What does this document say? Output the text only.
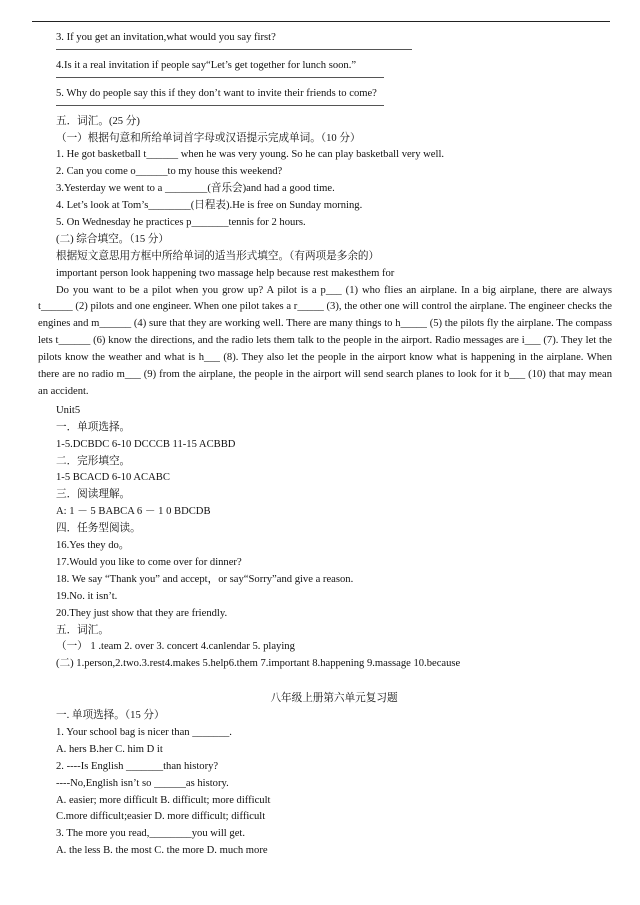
3. If you get an invitation,what would you say first?
4.Is it a real invitation if people say“Let’s get together for lunch soon.”
5. Why do people say this if they don’t want to invite their friends to come?
五．词汇。(25 分)
（一）根据句意和所给单词首字母或汉语提示完成单词。（10 分）
1. He got basketball t______ when he was very young. So he can play basketball very well.
2. Can you come o______to my house this weekend?
3.Yesterday we went to a ________(音乐会)and had a good time.
4. Let’s look at Tom’s________(日程表).He is free on Sunday morning.
5. On Wednesday he practices p_______tennis for 2 hours.
(二) 综合填空。（15 分）
根据短文意思用方框中所给单词的适当形式填空。（有两项是多余的）
important person look happening two massage help because rest makesthem for
Do you want to be a pilot when you grow up? A pilot is a p___ (1) who flies an airplane. In a big airplane, there are always t______ (2) pilots and one engineer. When one pilot takes a r_____ (3), the other one will control the airplane. The engineer checks the engines and m______ (4) sure that they are working well. There are many things to h_____ (5) the pilots fly the airplane. The compass lets t______ (6) know the directions, and the radio lets them talk to the people in the airport. Radio messages are i___ (7). They let the pilots know the weather and what is h___ (8). They also let the people in the airport know what is happening in the airplane. When there are no radio m___ (9) from the airplane, the people in the airport will send search planes to look for it b___ (10) that may mean an accident.
Unit5
一．单项选择。
1-5.DCBDC 6-10 DCCCB 11-15 ACBBD
二．完形填空。
1-5 BCACD 6-10 ACABC
三．阅读理解。
A: 1 － 5 BABCA 6 － 1 0 BDCDB
四．任务型阅读。
16.Yes they do。
17.Would you like to come over for dinner?
18. We say “Thank you” and accept，or say“Sorry”and give a reason.
19.No. it isn’t.
20.They just show that they are friendly.
五．词汇。
（一） 1 .team 2. over 3. concert 4.canlendar 5. playing
(二) 1.person,2.two.3.rest4.makes 5.help6.them 7.important 8.happening 9.massage 10.because
八年级上册第六单元复习题
一. 单项选择。（15 分）
1. Your school bag is nicer than _______.
A. hers B.her C. him D it
2. ----Is English _______than history?
----No,English isn’t so ______as history.
A. easier; more difficult B. difficult; more difficult
C.more difficult;easier D. more difficult; difficult
3. The more you read,________you will get.
A. the less B. the most C. the more D. much more
